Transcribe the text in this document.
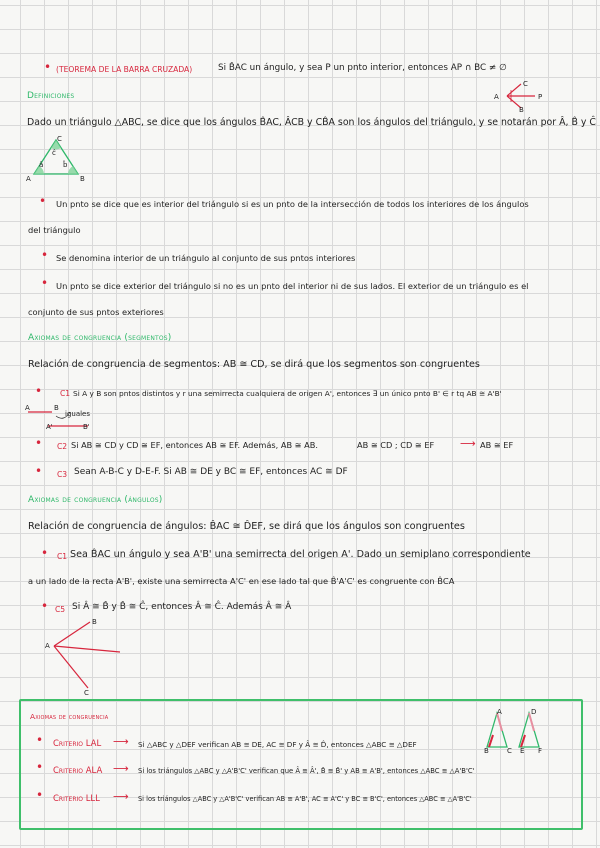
• (TEOREMA DE LA BARRA CRUZADA)	Si B̂AC un ángulo, y sea P un pnto interior, entonces AP ∩ BC ≠ ∅
A
C
P
B
Definiciones
Dado un triángulo △ABC, se dice que los ángulos B̂AC, ÂCB y CB̂A son los ángulos del triángulo, y se notarán por Â, B̂ y Ĉ
C
A	B
ĉ
â	b̂
• Un pnto se dice que es interior del triángulo si es un pnto de la intersección de todos los interiores de los ángulos
del triángulo
• Se denomina interior de un triángulo al conjunto de sus pntos interiores
• Un pnto se dice exterior del triángulo si no es un pnto del interior ni de sus lados. El exterior de un triángulo es el
conjunto de sus pntos exteriores
Axiomas de congruencia (segmentos)
Relación de congruencia de segmentos: AB ≅ CD, se dirá que los segmentos son congruentes
• C1 Si A y B son pntos distintos y r una semirrecta cualquiera de origen A', entonces ∃ un único pnto B' ∈ r tq AB ≅ A'B'
A	B
A'	B'
iguales
• C2 Si AB ≅ CD y CD ≅ EF, entonces AB ≅ EF. Además, AB ≅ AB.	AB ≅ CD ; CD ≅ EF ⟶ AB ≅ EF
• C3 Sean A-B-C y D-E-F. Si AB ≅ DE y BC ≅ EF, entonces AC ≅ DF
Axiomas de congruencia (ángulos)
Relación de congruencia de ángulos: B̂AC ≅ D̂EF, se dirá que los ángulos son congruentes
• C1 Sea B̂AC un ángulo y sea A'B' una semirrecta del origen A'. Dado un semiplano correspondiente
a un lado de la recta A'B', existe una semirrecta A'C' en ese lado tal que B̂'A'C' es congruente con B̂CA
• C5 Si Â ≅ B̂ y B̂ ≅ Ĉ, entonces Â ≅ Ĉ. Además Â ≅ Â
A
B
C
Axiomas de congruencia
• Criterio LAL ⟶ Si △ABC y △DEF verifican AB ≅ DE, AC ≅ DF y Â ≅ D̂, entonces △ABC ≅ △DEF
• Criterio ALA ⟶ Si los triángulos △ABC y △A'B'C' verifican que Â ≅ Â', B̂ ≅ B̂' y AB ≅ A'B', entonces △ABC ≅ △A'B'C'
• Criterio LLL ⟶ Si los triángulos △ABC y △A'B'C' verifican AB ≅ A'B', AC ≅ A'C' y BC ≅ B'C', entonces △ABC ≅ △A'B'C'
A	D
B	C E F
